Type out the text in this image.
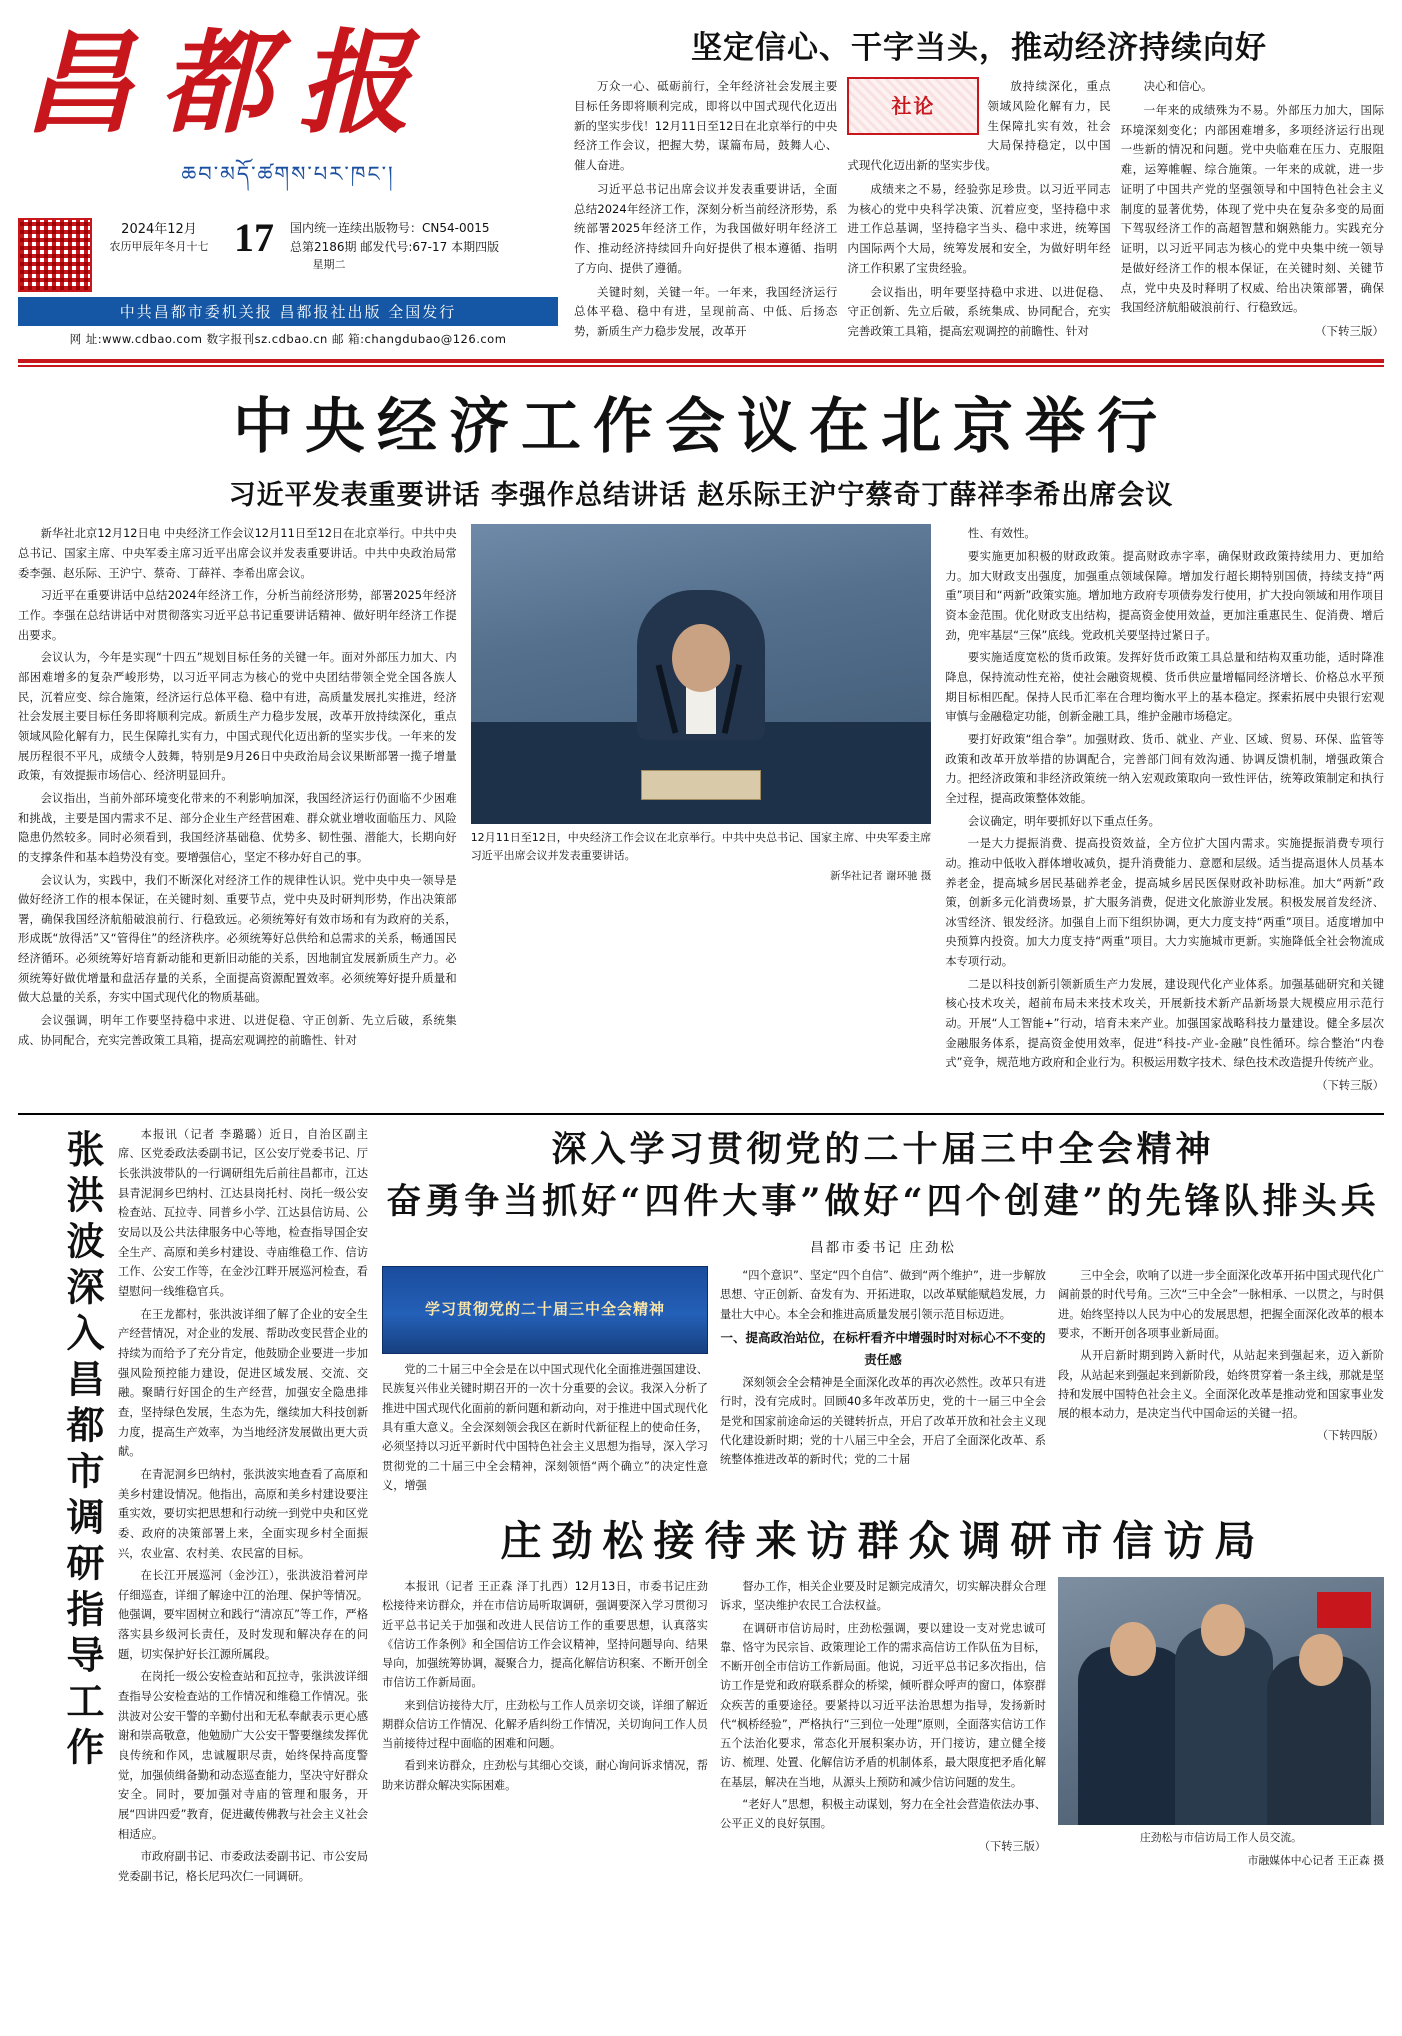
昌都报
ཆབ་མདོ་ཚགས་པར་ཁང་།
2024年12月
农历甲辰年冬月十七 17	国内统一连续出版物号：CN54-0015
总第2186期 邮发代号:67-17 本期四版
星期二
中共昌都市委机关报 昌都报社出版 全国发行
网 址:www.cdbao.com 数字报刊sz.cdbao.cn 邮 箱:changdubao@126.com
坚定信心、干字当头，推动经济持续向好

万众一心、砥砺前行，全年经济社会发展主要目标任务即将顺利完成，即将以中国式现代化迈出新的坚实步伐！12月11日至12日在北京举行的中央经济工作会议，把握大势，谋篇布局，鼓舞人心、催人奋进。

习近平总书记出席会议并发表重要讲话，全面总结2024年经济工作，深刻分析当前经济形势，系统部署2025年经济工作，为我国做好明年经济工作、推动经济持续回升向好提供了根本遵循、指明了方向、提供了遵循。

关键时刻，关键一年。一年来，我国经济运行总体平稳、稳中有进，呈现前高、中低、后扬态势，新质生产力稳步发展，改革开

社论

放持续深化，重点领域风险化解有力，民生保障扎实有效，社会大局保持稳定，以中国式现代化迈出新的坚实步伐。

成绩来之不易，经验弥足珍贵。以习近平同志为核心的党中央科学决策、沉着应变，坚持稳中求进工作总基调，坚持稳字当头、稳中求进，统筹国内国际两个大局，统筹发展和安全，为做好明年经济工作积累了宝贵经验。

会议指出，明年要坚持稳中求进、以进促稳、守正创新、先立后破，系统集成、协同配合，充实完善政策工具箱，提高宏观调控的前瞻性、针对

决心和信心。

一年来的成绩殊为不易。外部压力加大，国际环境深刻变化；内部困难增多，多项经济运行出现一些新的情况和问题。党中央临难在压力、克服阻难，运筹帷幄、综合施策。一年来的成就，进一步证明了中国共产党的坚强领导和中国特色社会主义制度的显著优势，体现了党中央在复杂多变的局面下驾驭经济工作的高超智慧和娴熟能力。实践充分证明，以习近平同志为核心的党中央集中统一领导是做好经济工作的根本保证，在关键时刻、关键节点，党中央及时释明了权威、给出决策部署，确保我国经济航船破浪前行、行稳致远。

（下转三版）

中央经济工作会议在北京举行
习近平发表重要讲话 李强作总结讲话 赵乐际王沪宁蔡奇丁薛祥李希出席会议

新华社北京12月12日电 中央经济工作会议12月11日至12日在北京举行。中共中央总书记、国家主席、中央军委主席习近平出席会议并发表重要讲话。中共中央政治局常委李强、赵乐际、王沪宁、蔡奇、丁薛祥、李希出席会议。

习近平在重要讲话中总结2024年经济工作，分析当前经济形势，部署2025年经济工作。李强在总结讲话中对贯彻落实习近平总书记重要讲话精神、做好明年经济工作提出要求。

会议认为，今年是实现“十四五”规划目标任务的关键一年。面对外部压力加大、内部困难增多的复杂严峻形势，以习近平同志为核心的党中央团结带领全党全国各族人民，沉着应变、综合施策，经济运行总体平稳、稳中有进，高质量发展扎实推进，经济社会发展主要目标任务即将顺利完成。新质生产力稳步发展，改革开放持续深化，重点领域风险化解有力，民生保障扎实有力，中国式现代化迈出新的坚实步伐。一年来的发展历程很不平凡，成绩令人鼓舞，特别是9月26日中央政治局会议果断部署一揽子增量政策，有效提振市场信心、经济明显回升。

会议指出，当前外部环境变化带来的不利影响加深，我国经济运行仍面临不少困难和挑战，主要是国内需求不足、部分企业生产经营困难、群众就业增收面临压力、风险隐患仍然较多。同时必须看到，我国经济基础稳、优势多、韧性强、潜能大，长期向好的支撑条件和基本趋势没有变。要增强信心，坚定不移办好自己的事。

会议认为，实践中，我们不断深化对经济工作的规律性认识。党中央中央一领导是做好经济工作的根本保证，在关键时刻、重要节点，党中央及时研判形势，作出决策部署，确保我国经济航船破浪前行、行稳致远。必须统筹好有效市场和有为政府的关系，形成既“放得活”又“管得住”的经济秩序。必须统筹好总供给和总需求的关系，畅通国民经济循环。必须统筹好培育新动能和更新旧动能的关系，因地制宜发展新质生产力。必须统筹好做优增量和盘活存量的关系，全面提高资源配置效率。必须统筹好提升质量和做大总量的关系，夯实中国式现代化的物质基础。

会议强调，明年工作要坚持稳中求进、以进促稳、守正创新、先立后破，系统集成、协同配合，充实完善政策工具箱，提高宏观调控的前瞻性、针对

12月11日至12日，中央经济工作会议在北京举行。中共中央总书记、国家主席、中央军委主席习近平出席会议并发表重要讲话。
新华社记者 谢环驰 摄

性、有效性。

要实施更加积极的财政政策。提高财政赤字率，确保财政政策持续用力、更加给力。加大财政支出强度，加强重点领域保障。增加发行超长期特别国债，持续支持“两重”项目和“两新”政策实施。增加地方政府专项债券发行使用，扩大投向领域和用作项目资本金范围。优化财政支出结构，提高资金使用效益，更加注重惠民生、促消费、增后劲，兜牢基层“三保”底线。党政机关要坚持过紧日子。

要实施适度宽松的货币政策。发挥好货币政策工具总量和结构双重功能，适时降准降息，保持流动性充裕，使社会融资规模、货币供应量增幅同经济增长、价格总水平预期目标相匹配。保持人民币汇率在合理均衡水平上的基本稳定。探索拓展中央银行宏观审慎与金融稳定功能，创新金融工具，维护金融市场稳定。

要打好政策“组合拳”。加强财政、货币、就业、产业、区域、贸易、环保、监管等政策和改革开放举措的协调配合，完善部门间有效沟通、协调反馈机制，增强政策合力。把经济政策和非经济政策统一纳入宏观政策取向一致性评估，统筹政策制定和执行全过程，提高政策整体效能。

会议确定，明年要抓好以下重点任务。

一是大力提振消费、提高投资效益，全方位扩大国内需求。实施提振消费专项行动。推动中低收入群体增收减负，提升消费能力、意愿和层级。适当提高退休人员基本养老金，提高城乡居民基础养老金，提高城乡居民医保财政补助标准。加大“两新”政策，创新多元化消费场景，扩大服务消费，促进文化旅游业发展。积极发展首发经济、冰雪经济、银发经济。加强自上而下组织协调，更大力度支持“两重”项目。适度增加中央预算内投资。加大力度支持“两重”项目。大力实施城市更新。实施降低全社会物流成本专项行动。

二是以科技创新引领新质生产力发展，建设现代化产业体系。加强基础研究和关键核心技术攻关，超前布局未来技术攻关，开展新技术新产品新场景大规模应用示范行动。开展“人工智能+”行动，培育未来产业。加强国家战略科技力量建设。健全多层次金融服务体系，提高资金使用效率，促进“科技-产业-金融”良性循环。综合整治“内卷式”竞争，规范地方政府和企业行为。积极运用数字技术、绿色技术改造提升传统产业。

（下转三版）

张洪波深入昌都市调研指导工作	本报讯（记者 李璐璐）近日，自治区副主席、区党委政法委副书记，区公安厅党委书记、厅长张洪波带队的一行调研组先后前往昌都市，江达县青泥洞乡巴纳村、江达县岗托村、岗托一级公安检查站、瓦拉寺、同普乡小学、江达县信访局、公安局以及公共法律服务中心等地，检查指导国企安全生产、高原和美乡村建设、寺庙维稳工作、信访工作、公安工作等，在金沙江畔开展巡河检查，看望慰问一线维稳官兵。

在王龙都村，张洪波详细了解了企业的安全生产经营情况，对企业的发展、帮助改变民营企业的持续为而给予了充分肯定，他鼓励企业要进一步加强风险预控能力建设，促进区域发展、交流、交融。聚睛行好国企的生产经营，加强安全隐患排查，坚持绿色发展，生态为先，继续加大科技创新力度，提高生产效率，为当地经济发展做出更大贡献。

在青泥洞乡巴纳村，张洪波实地查看了高原和美乡村建设情况。他指出，高原和美乡村建设要注重实效，要切实把思想和行动统一到党中央和区党委、政府的决策部署上来，全面实现乡村全面振兴，农业富、农村美、农民富的目标。

在长江开展巡河（金沙江），张洪波沿着河岸仔细巡查，详细了解途中江的治理、保护等情况。他强调，要牢固树立和践行“清凉瓦”等工作，严格落实县乡级河长责任，及时发现和解决存在的问题，切实保护好长江源所属段。

在岗托一级公安检查站和瓦拉寺，张洪波详细查指导公安检查站的工作情况和维稳工作情况。张洪波对公安干警的辛勤付出和无私奉献表示更心感谢和崇高敬意，他勉励广大公安干警要继续发挥优良传统和作风，忠诚履职尽责，始终保持高度警觉，加强侦缉备勤和动态巡查能力，坚决守好群众安全。同时，要加强对寺庙的管理和服务，开展“四讲四爱”教育，促进藏传佛教与社会主义社会相适应。

市政府副书记、市委政法委副书记、市公安局党委副书记，格长尼玛次仁一同调研。

深入学习贯彻党的二十届三中全会精神
奋勇争当抓好“四件大事”做好“四个创建”的先锋队排头兵
昌都市委书记 庄劲松
学习贯彻党的二十届三中全会精神

党的二十届三中全会是在以中国式现代化全面推进强国建设、民族复兴伟业关键时期召开的一次十分重要的会议。我深入分析了推进中国式现代化面前的新问题和新动向，对于推进中国式现代化具有重大意义。全会深刻领会我区在新时代新征程上的使命任务，必须坚持以习近平新时代中国特色社会主义思想为指导，深入学习贯彻党的二十届三中全会精神，深刻领悟“两个确立”的决定性意义，增强

“四个意识”、坚定“四个自信”、做到“两个维护”，进一步解放思想、守正创新、奋发有为、开拓进取，以改革赋能赋趋发展，力量壮大中心。本全会和推进高质量发展引领示范目标迈进。

一、提高政治站位，在标杆看齐中增强时时对标心不不变的责任感

深刻领会全会精神是全面深化改革的再次必然性。改革只有进行时，没有完成时。回顾40多年改革历史，党的十一届三中全会是党和国家前途命运的关键转折点，开启了改革开放和社会主义现代化建设新时期；党的十八届三中全会，开启了全面深化改革、系统整体推进改革的新时代；党的二十届

三中全会，吹响了以进一步全面深化改革开拓中国式现代化广阔前景的时代号角。三次“三中全会”一脉相承、一以贯之，与时俱进。始终坚持以人民为中心的发展思想，把握全面深化改革的根本要求，不断开创各项事业新局面。

从开启新时期到跨入新时代，从站起来到强起来，迈入新阶段，从站起来到强起来到新阶段，始终贯穿着一条主线，那就是坚持和发展中国特色社会主义。全面深化改革是推动党和国家事业发展的根本动力，是决定当代中国命运的关键一招。

（下转四版）

庄劲松接待来访群众调研市信访局

本报讯（记者 王正森 泽丁扎西）12月13日，市委书记庄劲松接待来访群众，并在市信访局听取调研，强调要深入学习贯彻习近平总书记关于加强和改进人民信访工作的重要思想，认真落实《信访工作条例》和全国信访工作会议精神，坚持问题导向、结果导向，加强统筹协调，凝聚合力，提高化解信访积案、不断开创全市信访工作新局面。

来到信访接待大厅，庄劲松与工作人员亲切交谈，详细了解近期群众信访工作情况、化解矛盾纠纷工作情况，关切询问工作人员当前接待过程中面临的困难和问题。

看到来访群众，庄劲松与其细心交谈，耐心询问诉求情况，帮助来访群众解决实际困难。

督办工作，相关企业要及时足额完成清欠，切实解决群众合理诉求，坚决维护农民工合法权益。

在调研市信访局时，庄劲松强调，要以建设一支对党忠诚可靠、恪守为民宗旨、政策理论工作的需求高信访工作队伍为目标，不断开创全市信访工作新局面。他说，习近平总书记多次指出，信访工作是党和政府联系群众的桥梁，倾听群众呼声的窗口，体察群众疾苦的重要途径。要紧持以习近平法治思想为指导，发扬新时代“枫桥经验”，严格执行“三到位一处理”原则，全面落实信访工作五个法治化要求，常态化开展积案办访，开门接访，建立健全接访、梳理、处置、化解信访矛盾的机制体系，最大限度把矛盾化解在基层，解决在当地，从源头上预防和减少信访问题的发生。

“老好人”思想，积极主动谋划，努力在全社会营造依法办事、公平正义的良好氛围。

（下转三版）

庄劲松与市信访局工作人员交流。
市融媒体中心记者 王正森 摄
